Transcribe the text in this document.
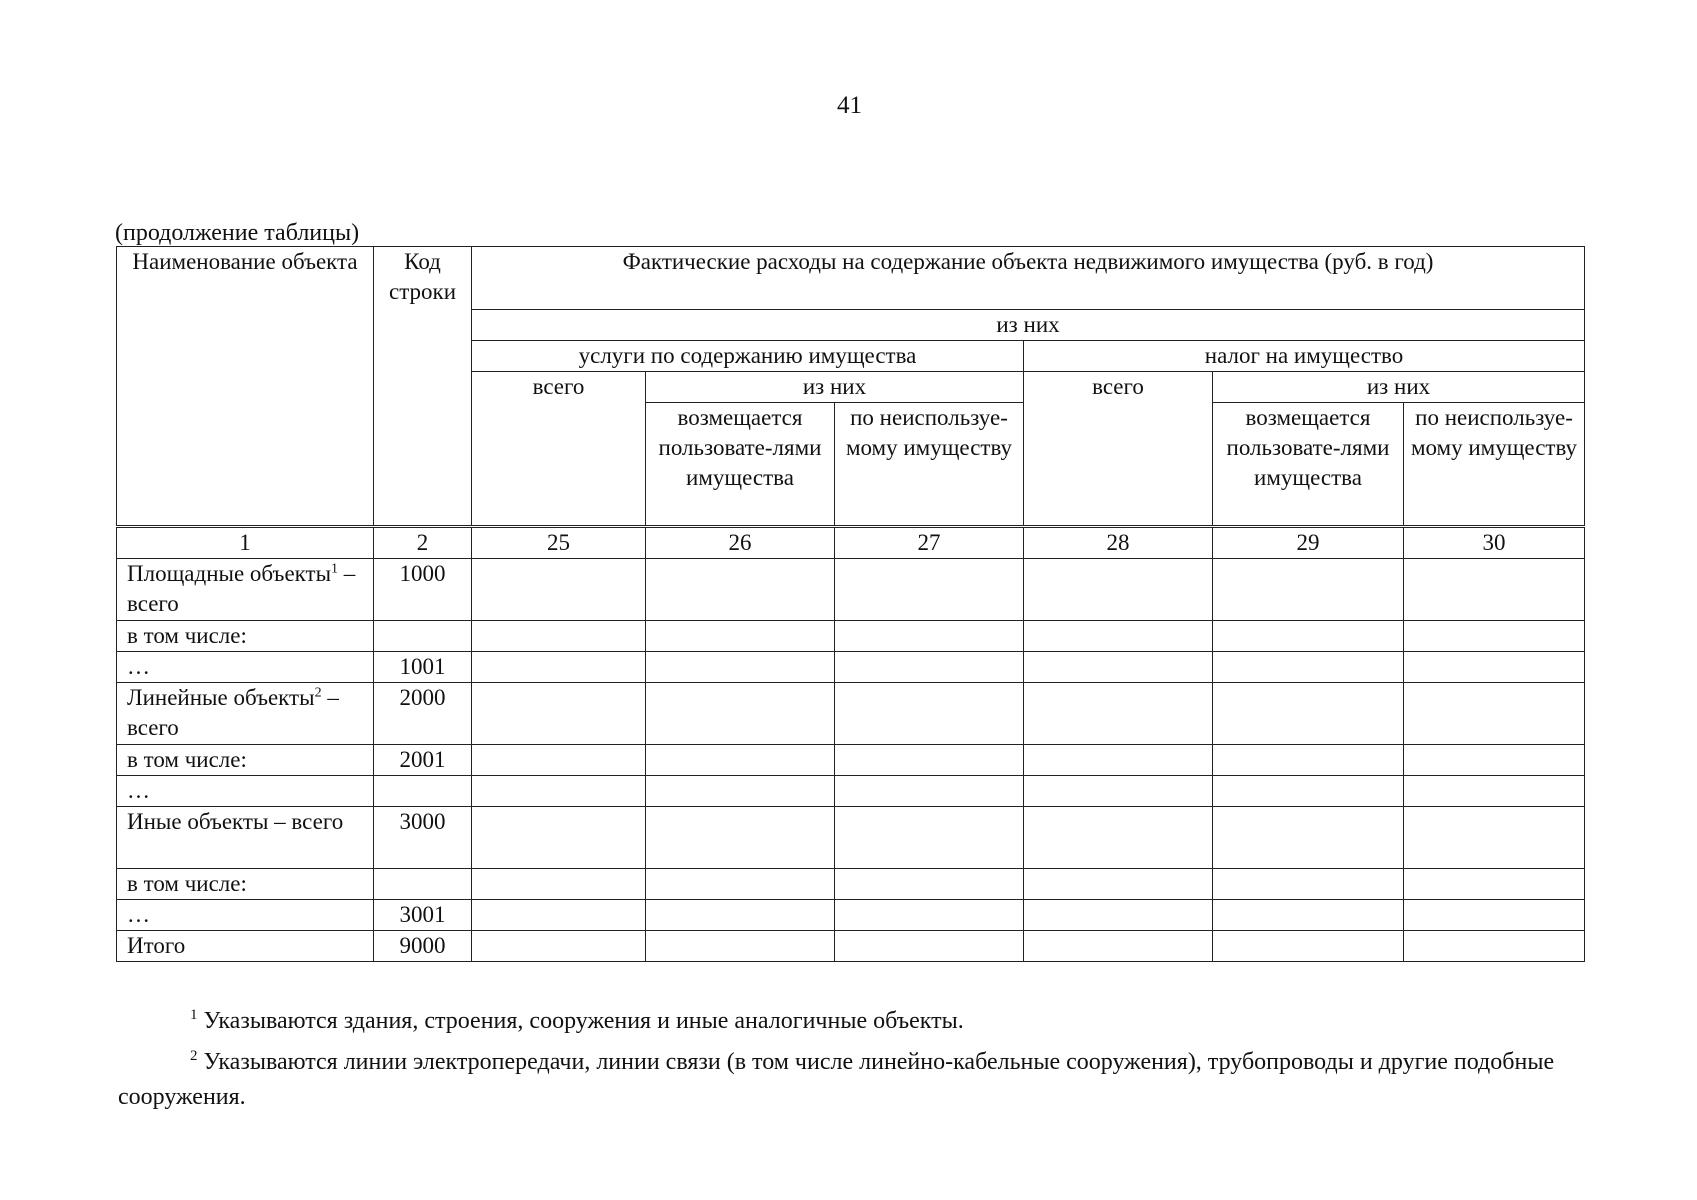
41
(продолжение таблицы)
Наименование объекта	Код строки	Фактические расходы на содержание объекта недвижимого имущества (руб. в год)					
		из них					
		услуги по содержанию имущества			налог на имущество		
		всего	из них		всего	из них	
			возмещается пользовате-лями имущества	по неиспользуе-мому имуществу		возмещается пользовате-лями имущества	по неиспользуе-мому имуществу
1	2	25	26	27	28	29	30
Площадные объекты$^1$ – всего	1000						
в том числе:							
…	1001						
Линейные объекты$^2$ – всего	2000						
в том числе:	2001						
…							
Иные объекты – всего	3000						
в том числе:							
…	3001						
Итого	9000						

$^1$ Указываются здания, строения, сооружения и иные аналогичные объекты.

$^2$ Указываются линии электропередачи, линии связи (в том числе линейно-кабельные сооружения), трубопроводы и другие подобные сооружения.
